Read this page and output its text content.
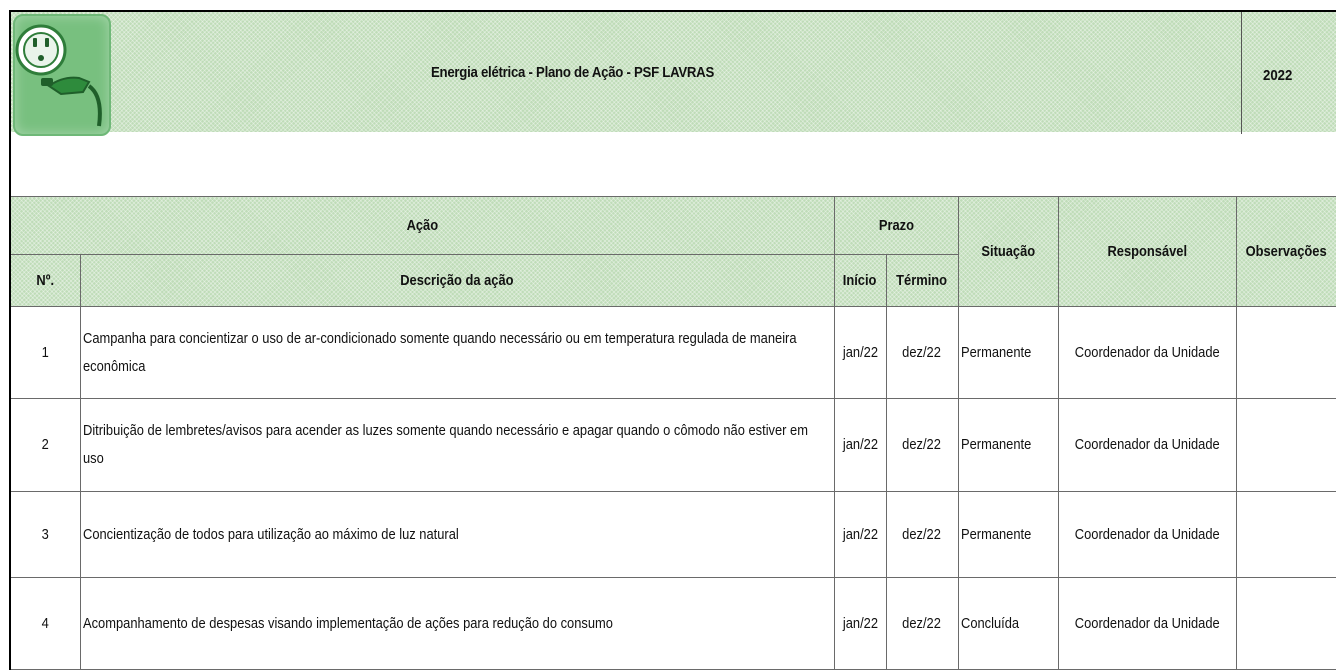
Energia elétrica - Plano de Ação - PSF LAVRAS	2022
Ação		Prazo		Situação	Responsável	Observações
Nº.	Descrição da ação	Início	Término			
1	Campanha para concientizar o uso de ar-condicionado somente quando necessário ou em temperatura regulada de maneira econômica	jan/22	dez/22	Permanente	Coordenador da Unidade	
2	Ditribuição de lembretes/avisos para acender as luzes somente quando necessário e apagar quando o cômodo não estiver em uso	jan/22	dez/22	Permanente	Coordenador da Unidade	
3	Concientização de todos para utilização ao máximo de luz natural	jan/22	dez/22	Permanente	Coordenador da Unidade	
4	Acompanhamento de despesas visando implementação de ações para redução do consumo	jan/22	dez/22	Concluída	Coordenador da Unidade	
